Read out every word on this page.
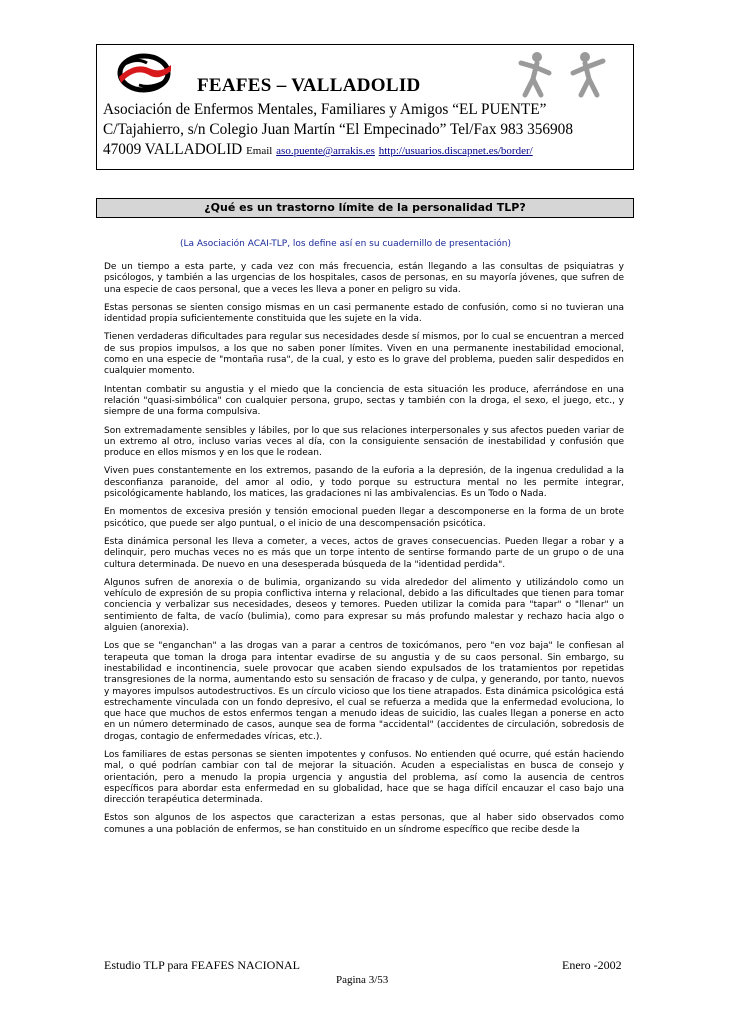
FEAFES – VALLADOLID
Asociación de Enfermos Mentales, Familiares y Amigos “EL PUENTE”
C/Tajahierro, s/n Colegio Juan Martín “El Empecinado” Tel/Fax 983 356908
47009 VALLADOLID Email aso.puente@arrakis.es http://usuarios.discapnet.es/border/
¿Qué es un trastorno límite de la personalidad TLP?
(La Asociación ACAI-TLP, los define así en su cuadernillo de presentación)

De un tiempo a esta parte, y cada vez con más frecuencia, están llegando a las consultas de psiquiatras y psicólogos, y también a las urgencias de los hospitales, casos de personas, en su mayoría jóvenes, que sufren de una especie de caos personal, que a veces les lleva a poner en peligro su vida.

Estas personas se sienten consigo mismas en un casi permanente estado de confusión, como si no tuvieran una identidad propia suficientemente constituida que les sujete en la vida.

Tienen verdaderas dificultades para regular sus necesidades desde sí mismos, por lo cual se encuentran a merced de sus propios impulsos, a los que no saben poner límites. Viven en una permanente inestabilidad emocional, como en una especie de "montaña rusa", de la cual, y esto es lo grave del problema, pueden salir despedidos en cualquier momento.

Intentan combatir su angustia y el miedo que la conciencia de esta situación les produce, aferrándose en una relación "quasi-simbólica" con cualquier persona, grupo, sectas y también con la droga, el sexo, el juego, etc., y siempre de una forma compulsiva.

Son extremadamente sensibles y lábiles, por lo que sus relaciones interpersonales y sus afectos pueden variar de un extremo al otro, incluso varias veces al día, con la consiguiente sensación de inestabilidad y confusión que produce en ellos mismos y en los que le rodean.

Viven pues constantemente en los extremos, pasando de la euforia a la depresión, de la ingenua credulidad a la desconfianza paranoide, del amor al odio, y todo porque su estructura mental no les permite integrar, psicológicamente hablando, los matices, las gradaciones ni las ambivalencias. Es un Todo o Nada.

En momentos de excesiva presión y tensión emocional pueden llegar a descomponerse en la forma de un brote psicótico, que puede ser algo puntual, o el inicio de una descompensación psicótica.

Esta dinámica personal les lleva a cometer, a veces, actos de graves consecuencias. Pueden llegar a robar y a delinquir, pero muchas veces no es más que un torpe intento de sentirse formando parte de un grupo o de una cultura determinada. De nuevo en una desesperada búsqueda de la "identidad perdida".

Algunos sufren de anorexia o de bulimia, organizando su vida alrededor del alimento y utilizándolo como un vehículo de expresión de su propia conflictiva interna y relacional, debido a las dificultades que tienen para tomar conciencia y verbalizar sus necesidades, deseos y temores. Pueden utilizar la comida para "tapar" o "llenar" un sentimiento de falta, de vacío (bulimia), como para expresar su más profundo malestar y rechazo hacia algo o alguien (anorexia).

Los que se "enganchan" a las drogas van a parar a centros de toxicómanos, pero "en voz baja" le confiesan al terapeuta que toman la droga para intentar evadirse de su angustia y de su caos personal. Sin embargo, su inestabilidad e incontinencia, suele provocar que acaben siendo expulsados de los tratamientos por repetidas transgresiones de la norma, aumentando esto su sensación de fracaso y de culpa, y generando, por tanto, nuevos y mayores impulsos autodestructivos. Es un círculo vicioso que los tiene atrapados. Esta dinámica psicológica está estrechamente vinculada con un fondo depresivo, el cual se refuerza a medida que la enfermedad evoluciona, lo que hace que muchos de estos enfermos tengan a menudo ideas de suicidio, las cuales llegan a ponerse en acto en un número determinado de casos, aunque sea de forma "accidental" (accidentes de circulación, sobredosis de drogas, contagio de enfermedades víricas, etc.).

Los familiares de estas personas se sienten impotentes y confusos. No entienden qué ocurre, qué están haciendo mal, o qué podrían cambiar con tal de mejorar la situación. Acuden a especialistas en busca de consejo y orientación, pero a menudo la propia urgencia y angustia del problema, así como la ausencia de centros específicos para abordar esta enfermedad en su globalidad, hace que se haga difícil encauzar el caso bajo una dirección terapéutica determinada.

Estos son algunos de los aspectos que caracterizan a estas personas, que al haber sido observados como comunes a una población de enfermos, se han constituido en un síndrome específico que recibe desde la

Estudio TLP para FEAFES NACIONAL	Enero -2002
Pagina 3/53
